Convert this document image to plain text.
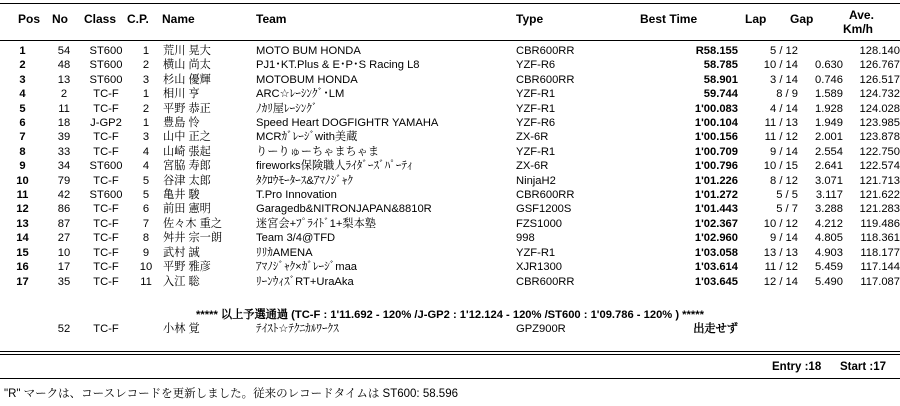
Pos No Class C.P. Name	Team	Type	Best Time	Lap Gap	Ave.
Km/h
1	54	ST600	1	荒川 晃大	MOTO BUM HONDA	CBR600RR	R58.155	5 / 12		128.140
2	48	ST600	2	横山 尚太	PJ1･KT.Plus & E･P･S Racing L8	YZF-R6	58.785	10 / 14	0.630	126.767
3	13	ST600	3	杉山 優輝	MOTOBUM HONDA	CBR600RR	58.901	3 / 14	0.746	126.517
4	2	TC-F	1	相川 亨	ARC☆ﾚｰｼﾝｸﾞ･LM	YZF-R1	59.744	8 / 9	1.589	124.732
5	11	TC-F	2	平野 恭正	ﾉｶﾘ屋ﾚｰｼﾝｸﾞ	YZF-R1	1'00.083	4 / 14	1.928	124.028
6	18	J-GP2	1	豊島 怜	Speed Heart DOGFIGHTR YAMAHA	YZF-R6	1'00.104	11 / 13	1.949	123.985
7	39	TC-F	3	山中 正之	MCRｶﾞﾚｰｼﾞwith美蔵	ZX-6R	1'00.156	11 / 12	2.001	123.878
8	33	TC-F	4	山崎 張起	りーりゅーちゃまちゃま	YZF-R1	1'00.709	9 / 14	2.554	122.750
9	34	ST600	4	宮脇 寿郎	fireworks保険職人ﾗｲﾀﾞｰｽﾞﾊﾟｰﾃｨ	ZX-6R	1'00.796	10 / 15	2.641	122.574
10	79	TC-F	5	谷津 太郎	ﾀｸﾛｳﾓｰﾀｰｽ&ｱﾏﾉｼﾞｬｸ	NinjaH2	1'01.226	8 / 12	3.071	121.713
11	42	ST600	5	亀井 駿	T.Pro Innovation	CBR600RR	1'01.272	5 / 5	3.117	121.622
12	86	TC-F	6	前田 憲明	Garagedb&NITRONJAPAN&8810R	GSF1200S	1'01.443	5 / 7	3.288	121.283
13	87	TC-F	7	佐々木 重之	迷宮会+ﾌﾟﾗｲﾄﾞ1+梨本塾	FZS1000	1'02.367	10 / 12	4.212	119.486
14	27	TC-F	8	舛井 宗一朗	Team 3/4@TFD	998	1'02.960	9 / 14	4.805	118.361
15	10	TC-F	9	武村 誠	ﾘﾘｶAMENA	YZF-R1	1'03.058	13 / 13	4.903	118.177
16	17	TC-F	10	平野 雅彦	ｱﾏﾉｼﾞｬｸ×ｶﾞﾚｰｼﾞmaa	XJR1300	1'03.614	11 / 12	5.459	117.144
17	35	TC-F	11	入江 聡	ﾘｰﾝｳｨｽﾞRT+UraAka	CBR600RR	1'03.645	12 / 14	5.490	117.087
***** 以上予選通過 (TC-F : 1'11.692 - 120% /J-GP2 : 1'12.124 - 120% /ST600 : 1'09.786 - 120% ) *****
	52	TC-F		小林 覚	ﾃｲｽﾄ☆ﾃｸﾆｶﾙﾜｰｸｽ	GPZ900R	出走せず			
Entry :18 Start :17
"R" マークは、コースレコードを更新しました。従来のレコードタイムは ST600: 58.596
